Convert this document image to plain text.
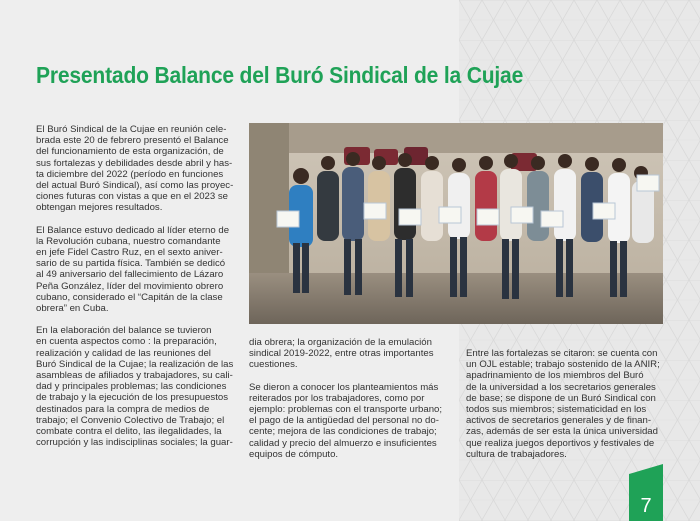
Presentado Balance del Buró Sindical de la Cujae

El Buró Sindical de la Cujae en reunión cele-
brada este 20 de febrero presentó el Balance
del funcionamiento de esta organización, de
sus fortalezas y debilidades desde abril y has-
ta diciembre del 2022 (período en funciones
del actual Buró Sindical), así como las proyec-
ciones futuras con vistas a que en el 2023 se
obtengan mejores resultados.

El Balance estuvo dedicado al líder eterno de
la Revolución cubana, nuestro comandante
en jefe Fidel Castro Ruz, en el sexto aniver-
sario de su partida física. También se dedicó
al 49 aniversario del fallecimiento de Lázaro
Peña González, líder del movimiento obrero
cubano, considerado el “Capitán de la clase
obrera” en Cuba.

En la elaboración del balance se tuvieron
en cuenta aspectos como : la preparación,
realización y calidad de las reuniones del
Buró Sindical de la Cujae; la realización de las
asambleas de afiliados y trabajadores, su cali-
dad y principales problemas; las condiciones
de trabajo y la ejecución de los presupuestos
destinados para la compra de medios de
trabajo; el Convenio Colectivo de Trabajo; el
combate contra el delito, las ilegalidades, la
corrupción y las indisciplinas sociales; la guar-

dia obrera; la organización de la emulación
sindical 2019-2022, entre otras importantes
cuestiones.

Se dieron a conocer los planteamientos más
reiterados por los trabajadores, como por
ejemplo: problemas con el transporte urbano;
el pago de la antigüedad del personal no do-
cente; mejora de las condiciones de trabajo;
calidad y precio del almuerzo e insuficientes
equipos de cómputo.

Entre las fortalezas se citaron: se cuenta con
un OJL estable; trabajo sostenido de la ANIR;
apadrinamiento de los miembros del Buró
de la universidad a los secretarios generales
de base; se dispone de un Buró Sindical con
todos sus miembros; sistematicidad en los
activos de secretarios generales y de finan-
zas, además de ser esta la única universidad
que realiza juegos deportivos y festivales de
cultura de trabajadores.

7
